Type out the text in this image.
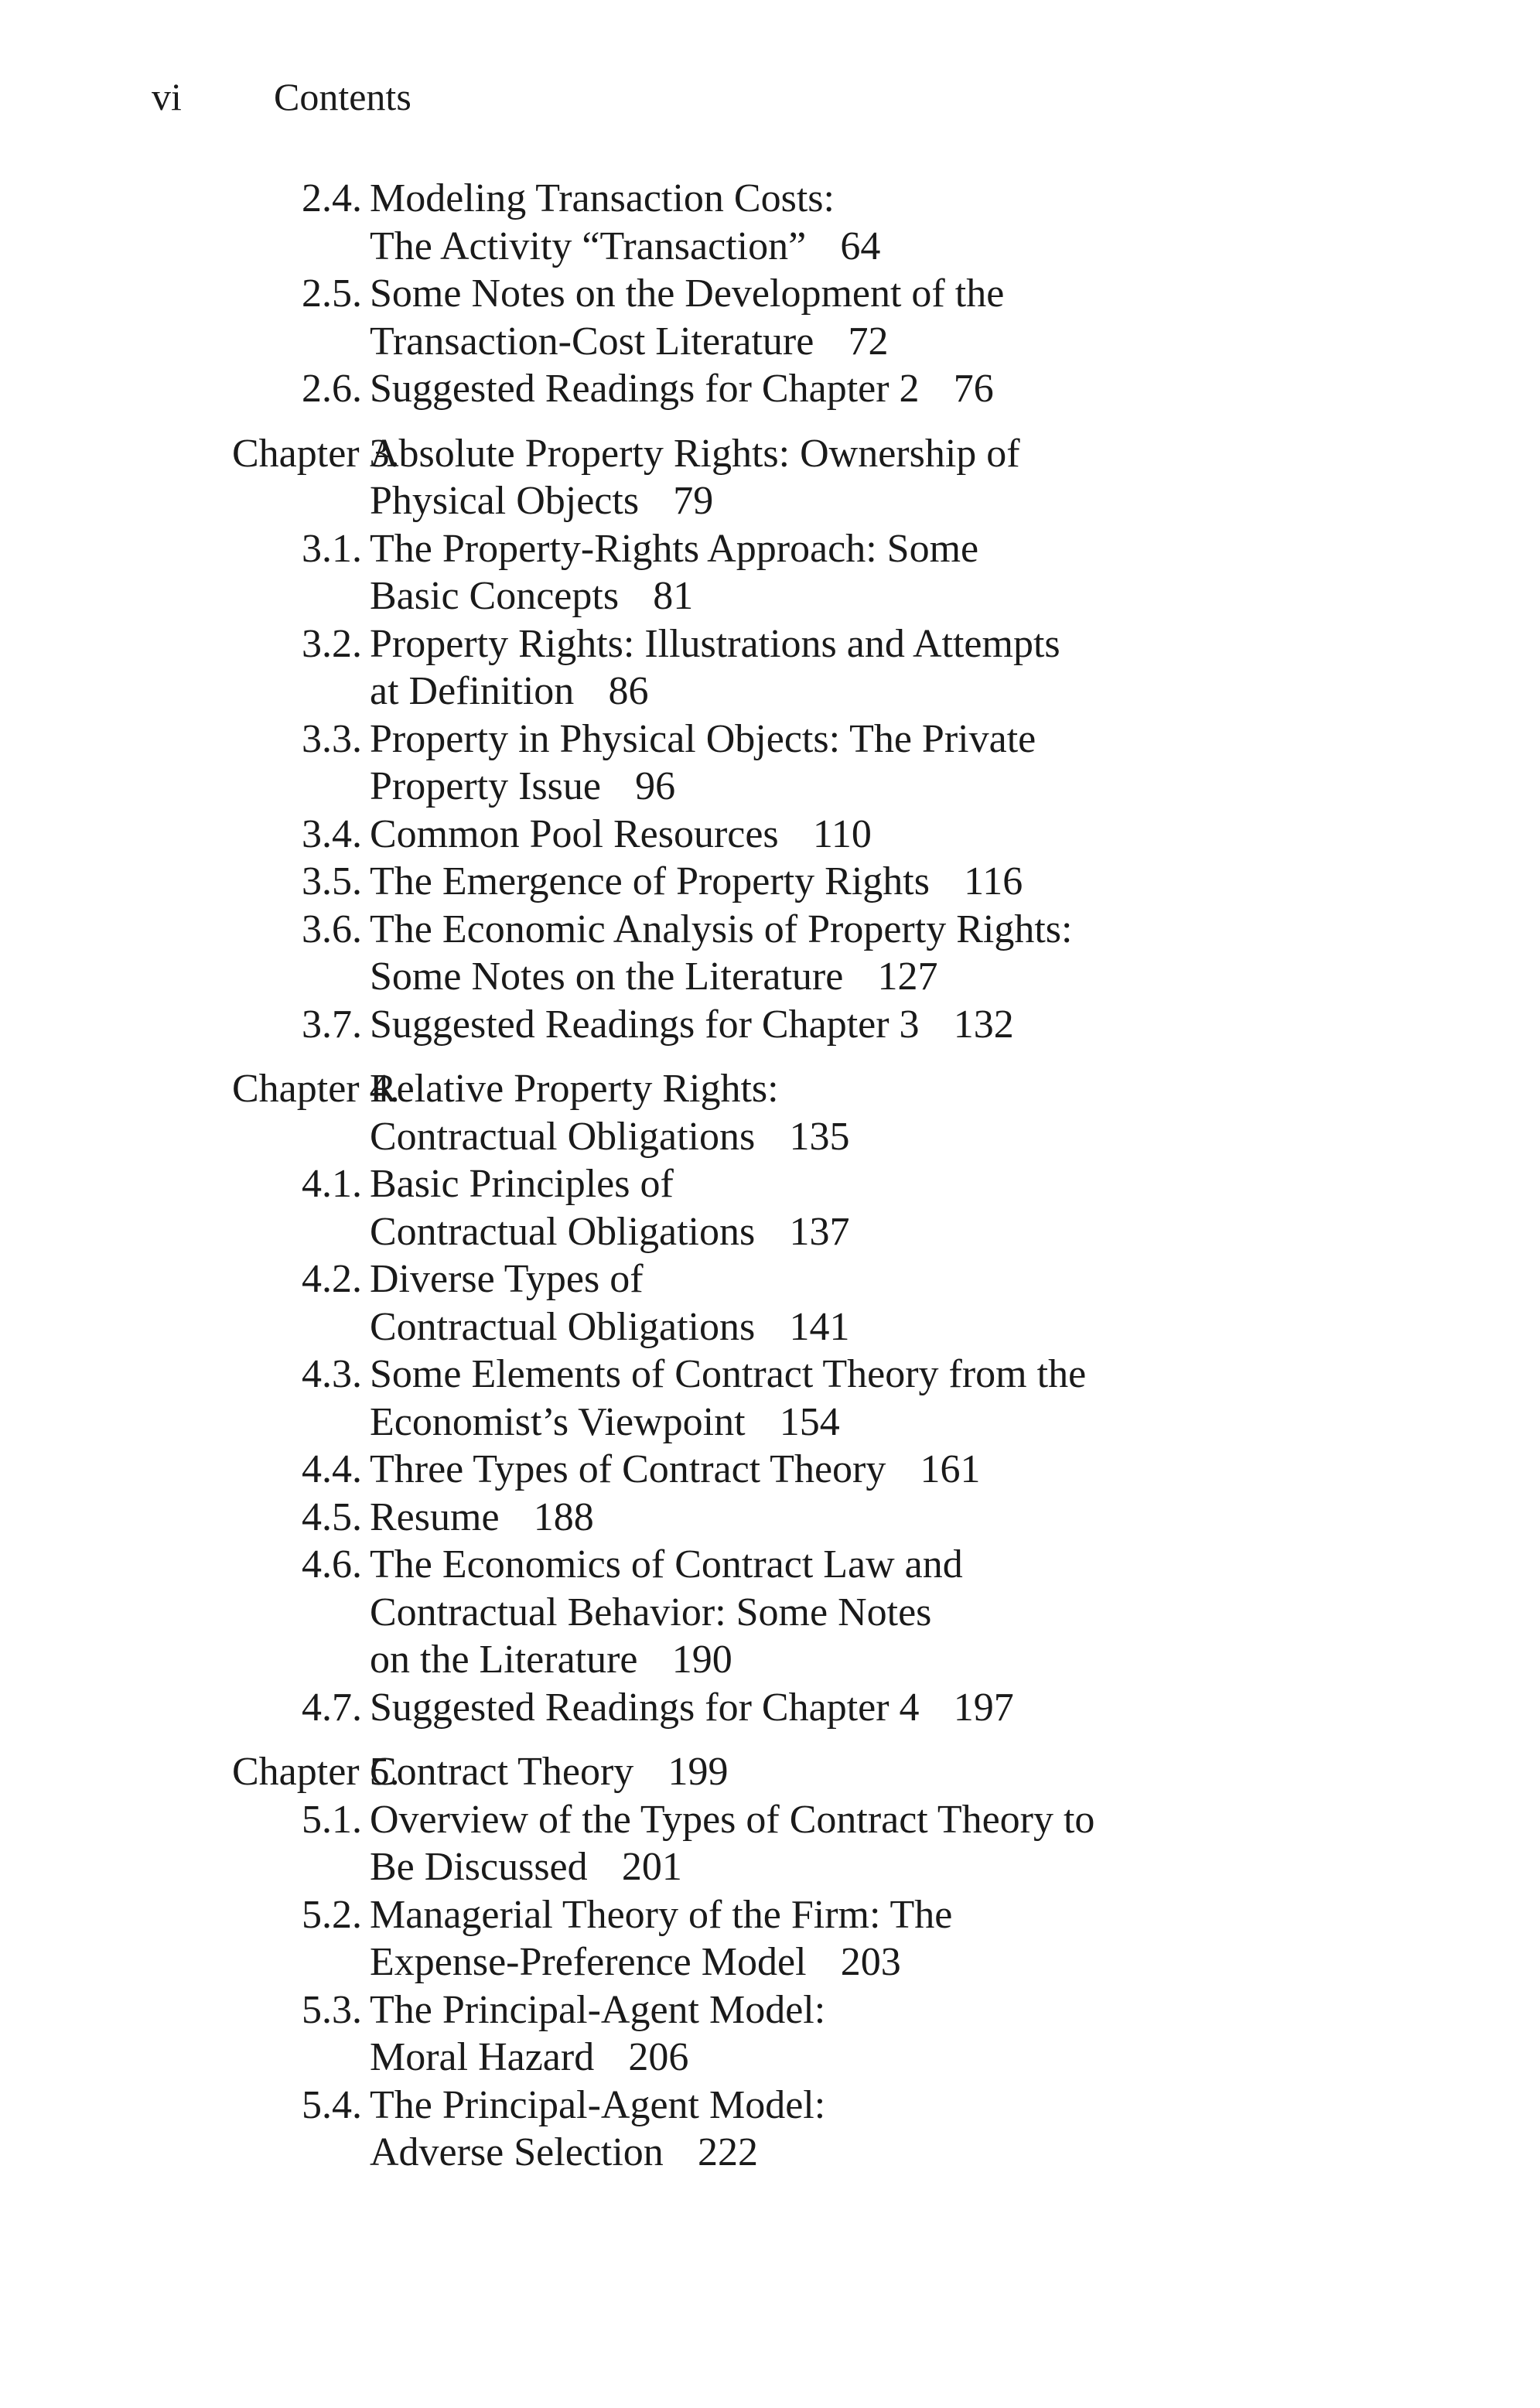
vi Contents
2.4. Modeling Transaction Costs:
The Activity “Transaction” 64
2.5. Some Notes on the Development of the
Transaction-Cost Literature 72
2.6. Suggested Readings for Chapter 2 76
Chapter 3.
Absolute Property Rights: Ownership of
Physical Objects 79
3.1. The Property-Rights Approach: Some
Basic Concepts 81
3.2. Property Rights: Illustrations and Attempts
at Definition 86
3.3. Property in Physical Objects: The Private
Property Issue 96
3.4. Common Pool Resources 110
3.5. The Emergence of Property Rights 116
3.6. The Economic Analysis of Property Rights:
Some Notes on the Literature 127
3.7. Suggested Readings for Chapter 3 132
Chapter 4.
Relative Property Rights:
Contractual Obligations 135
4.1. Basic Principles of
Contractual Obligations 137
4.2. Diverse Types of
Contractual Obligations 141
4.3. Some Elements of Contract Theory from the
Economist’s Viewpoint 154
4.4. Three Types of Contract Theory 161
4.5. Resume 188
4.6. The Economics of Contract Law and
Contractual Behavior: Some Notes
on the Literature 190
4.7. Suggested Readings for Chapter 4 197
Chapter 5.
Contract Theory 199
5.1. Overview of the Types of Contract Theory to
Be Discussed 201
5.2. Managerial Theory of the Firm: The
Expense-Preference Model 203
5.3. The Principal-Agent Model:
Moral Hazard 206
5.4. The Principal-Agent Model:
Adverse Selection 222
